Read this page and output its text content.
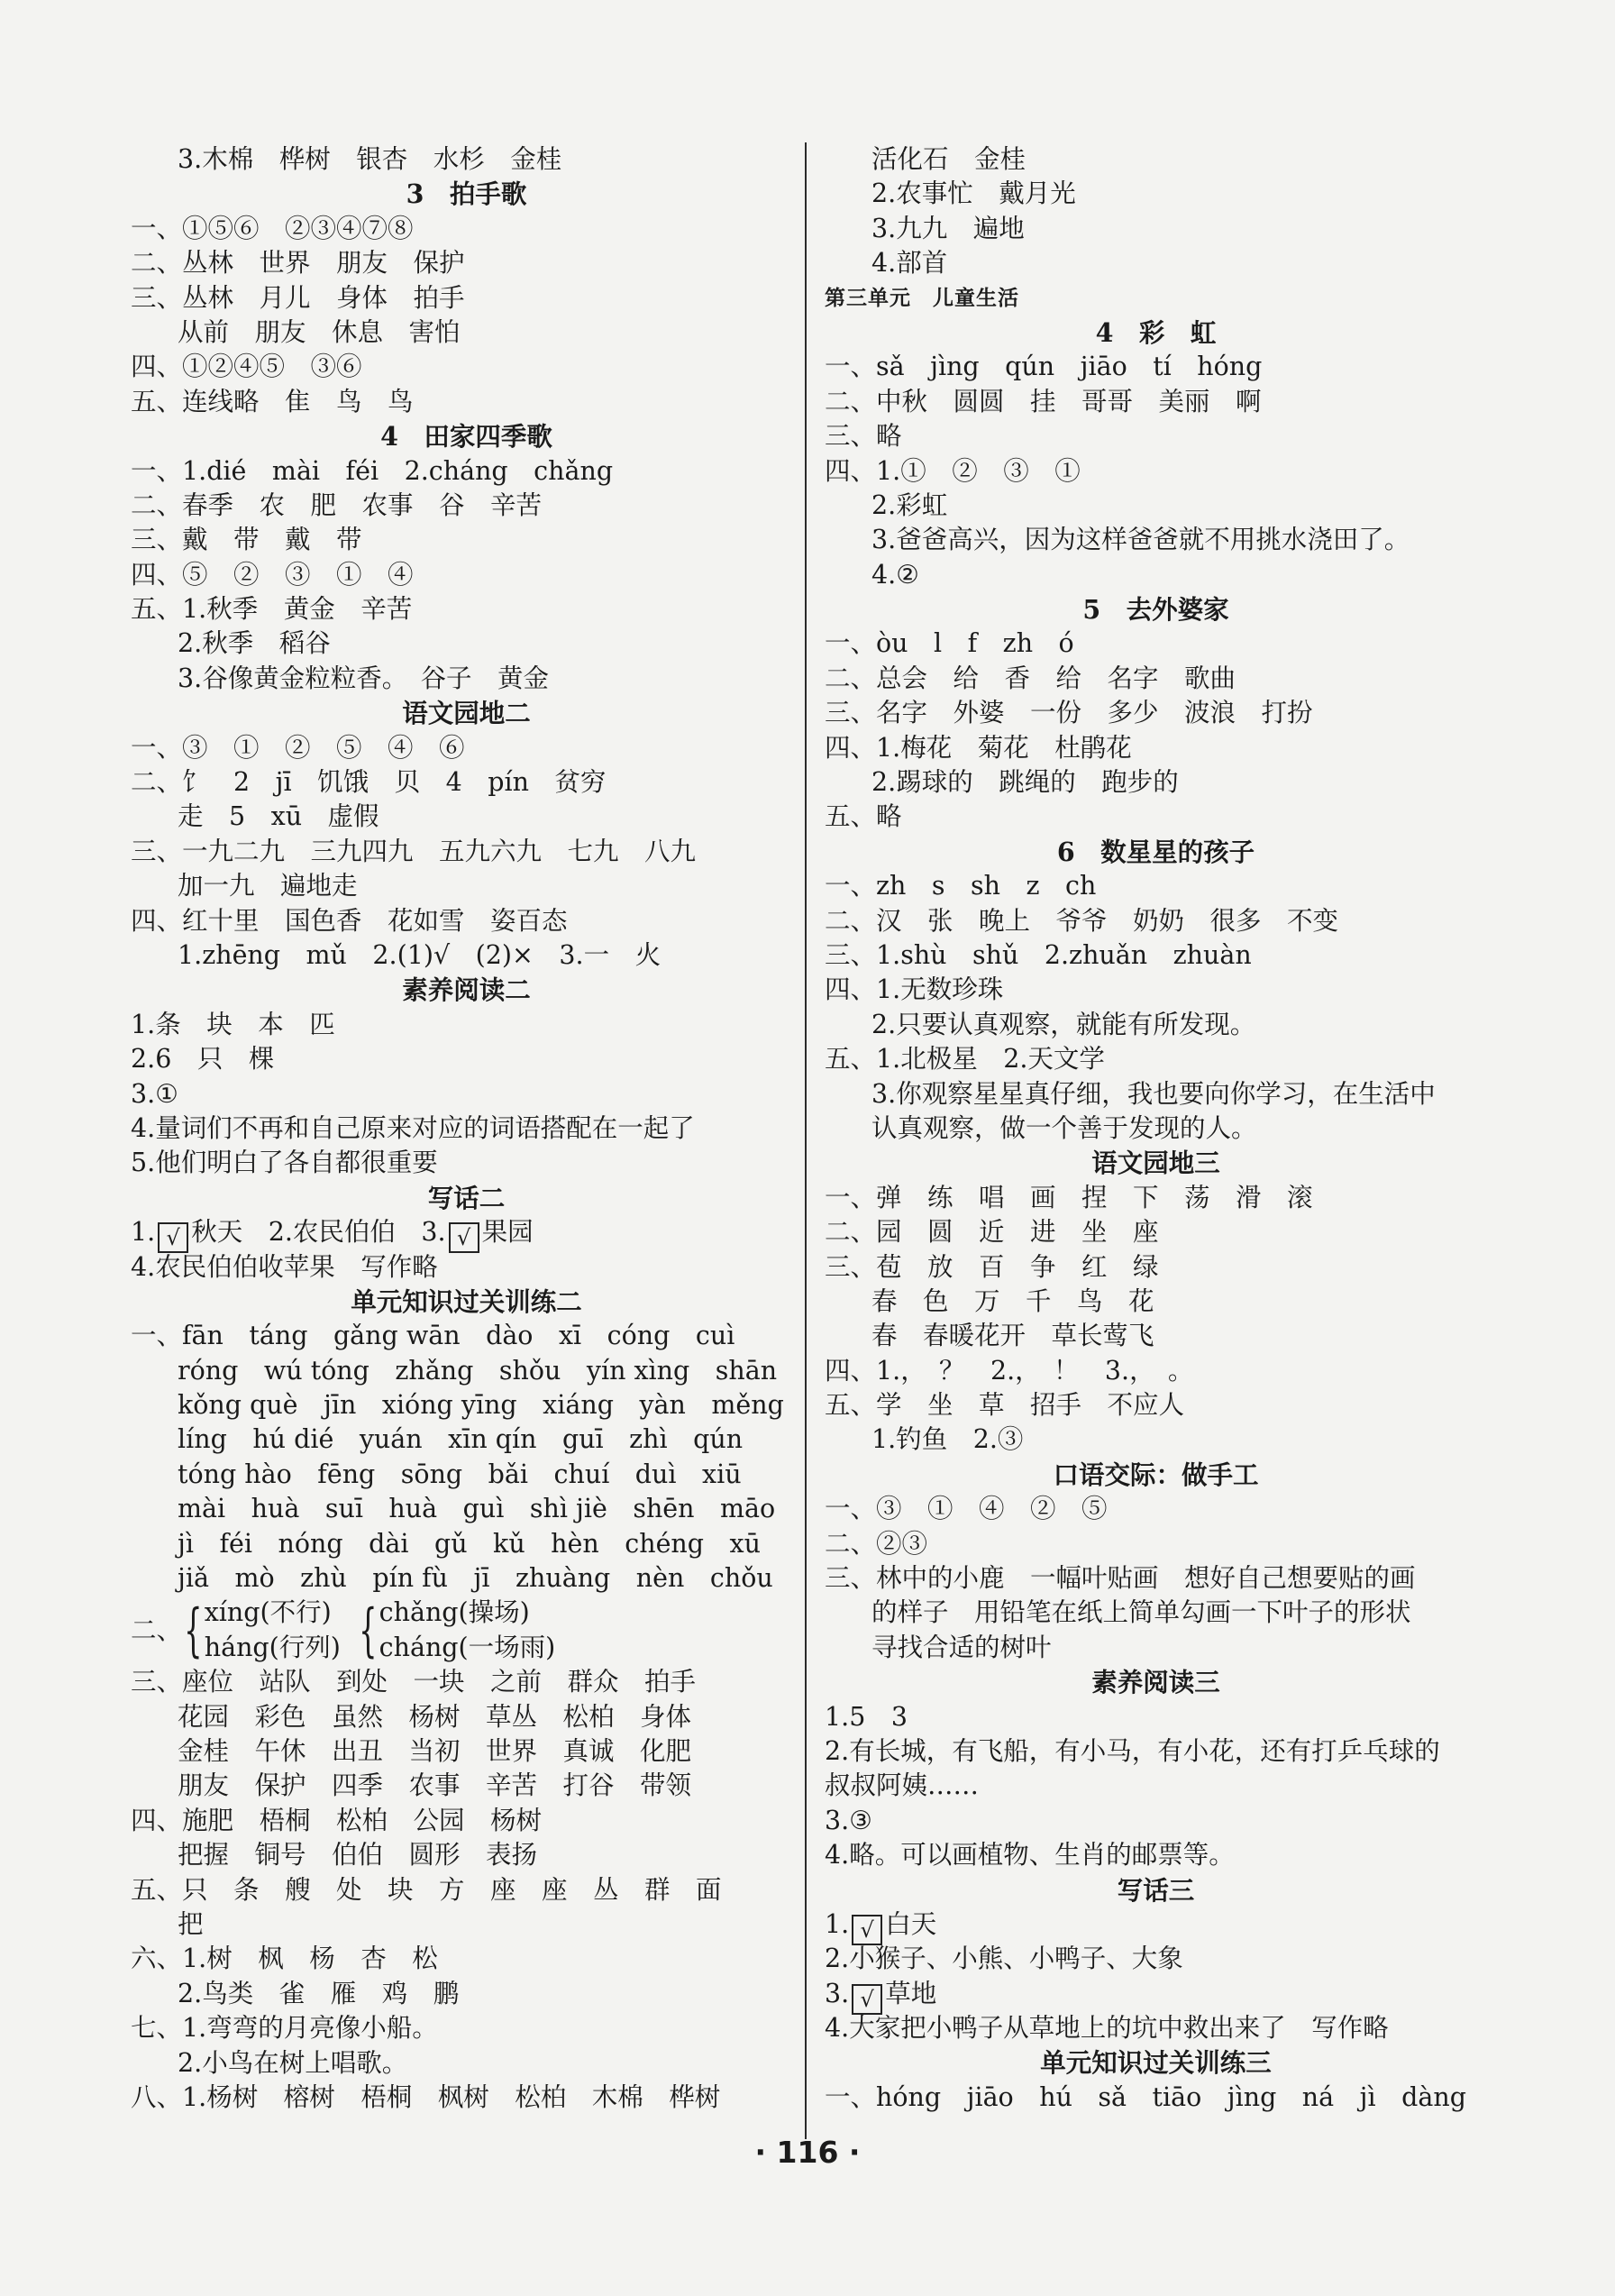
3.木棉　桦树　银杏　水杉　金桂
3　拍手歌
一、①⑤⑥　②③④⑦⑧
二、丛林　世界　朋友　保护
三、丛林　月儿　身体　拍手
从前　朋友　休息　害怕
四、①②④⑤　③⑥
五、连线略　隹　鸟　鸟
4　田家四季歌
一、1.dié　mài　féi　2.cháng　chǎng
二、春季　农　肥　农事　谷　辛苦
三、戴　带　戴　带
四、⑤　②　③　①　④
五、1.秋季　黄金　辛苦
2.秋季　稻谷
3.谷像黄金粒粒香。　谷子　黄金
语文园地二
一、③　①　②　⑤　④　⑥
二、饣　2　jī　饥饿　贝　4　pín　贫穷
走　5　xū　虚假
三、一九二九　三九四九　五九六九　七九　八九
加一九　遍地走
四、红十里　国色香　花如雪　姿百态
1.zhēng　mǔ　2.(1)√　(2)×　3.一　火
素养阅读二
1.条　块　本　匹
2.6　只　棵
3.①
4.量词们不再和自己原来对应的词语搭配在一起了
5.他们明白了各自都很重要
写话二
1. √ 秋天　2.农民伯伯　3. √ 果园
4.农民伯伯收苹果　写作略
单元知识过关训练二
一、fān　táng　gǎng wān　dào　xī　cóng　cuì
róng　wú tóng　zhǎng　shǒu　yín xìng　shān
kǒng què　jīn　xióng yīng　xiáng　yàn　měng
líng　hú dié　yuán　xīn qín　guī　zhì　qún
tóng hào　fēng　sōng　bǎi　chuí　duì　xiū
mài　huà　suī　huà　guì　shì jiè　shēn　māo
jì　féi　nóng　dài　gǔ　kǔ　hèn　chéng　xū
jiǎ　mò　zhù　pín fù　jī　zhuàng　nèn　chǒu
二、 { xíng(不行)
háng(行列) { chǎng(操场)
cháng(一场雨)
三、座位　站队　到处　一块　之前　群众　拍手
花园　彩色　虽然　杨树　草丛　松柏　身体
金桂　午休　出丑　当初　世界　真诚　化肥
朋友　保护　四季　农事　辛苦　打谷　带领
四、施肥　梧桐　松柏　公园　杨树
把握　铜号　伯伯　圆形　表扬
五、只　条　艘　处　块　方　座　座　丛　群　面
把
六、1.树　枫　杨　杏　松
2.鸟类　雀　雁　鸡　鹏
七、1.弯弯的月亮像小船。
2.小鸟在树上唱歌。
八、1.杨树　榕树　梧桐　枫树　松柏　木棉　桦树
活化石　金桂
2.农事忙　戴月光
3.九九　遍地
4.部首
第三单元　儿童生活
4　彩　虹
一、sǎ　jìng　qún　jiāo　tí　hóng
二、中秋　圆圆　挂　哥哥　美丽　啊
三、略
四、1.①　②　③　①
2.彩虹
3.爸爸高兴，因为这样爸爸就不用挑水浇田了。
4.②
5　去外婆家
一、òu　l　f　zh　ó
二、总会　给　香　给　名字　歌曲
三、名字　外婆　一份　多少　波浪　打扮
四、1.梅花　菊花　杜鹃花
2.踢球的　跳绳的　跑步的
五、略
6　数星星的孩子
一、zh　s　sh　z　ch
二、汉　张　晚上　爷爷　奶奶　很多　不变
三、1.shù　shǔ　2.zhuǎn　zhuàn
四、1.无数珍珠
2.只要认真观察，就能有所发现。
五、1.北极星　2.天文学
3.你观察星星真仔细，我也要向你学习，在生活中
认真观察，做一个善于发现的人。
语文园地三
一、弹　练　唱　画　捏　下　荡　滑　滚
二、园　圆　近　进　坐　座
三、苞　放　百　争　红　绿
春　色　万　千　鸟　花
春　春暖花开　草长莺飞
四、1.，　？　2.，　！　3.，　。
五、学　坐　草　招手　不应人
1.钓鱼　2.③
口语交际：做手工
一、③　①　④　②　⑤
二、②③
三、林中的小鹿　一幅叶贴画　想好自己想要贴的画
的样子　用铅笔在纸上简单勾画一下叶子的形状
寻找合适的树叶
素养阅读三
1.5　3
2.有长城，有飞船，有小马，有小花，还有打乒乓球的
叔叔阿姨……
3.③
4.略。可以画植物、生肖的邮票等。
写话三
1. √ 白天
2.小猴子、小熊、小鸭子、大象
3. √ 草地
4.大家把小鸭子从草地上的坑中救出来了　写作略
单元知识过关训练三
一、hóng　jiāo　hú　sǎ　tiāo　jìng　ná　jì　dàng
· 116 ·
